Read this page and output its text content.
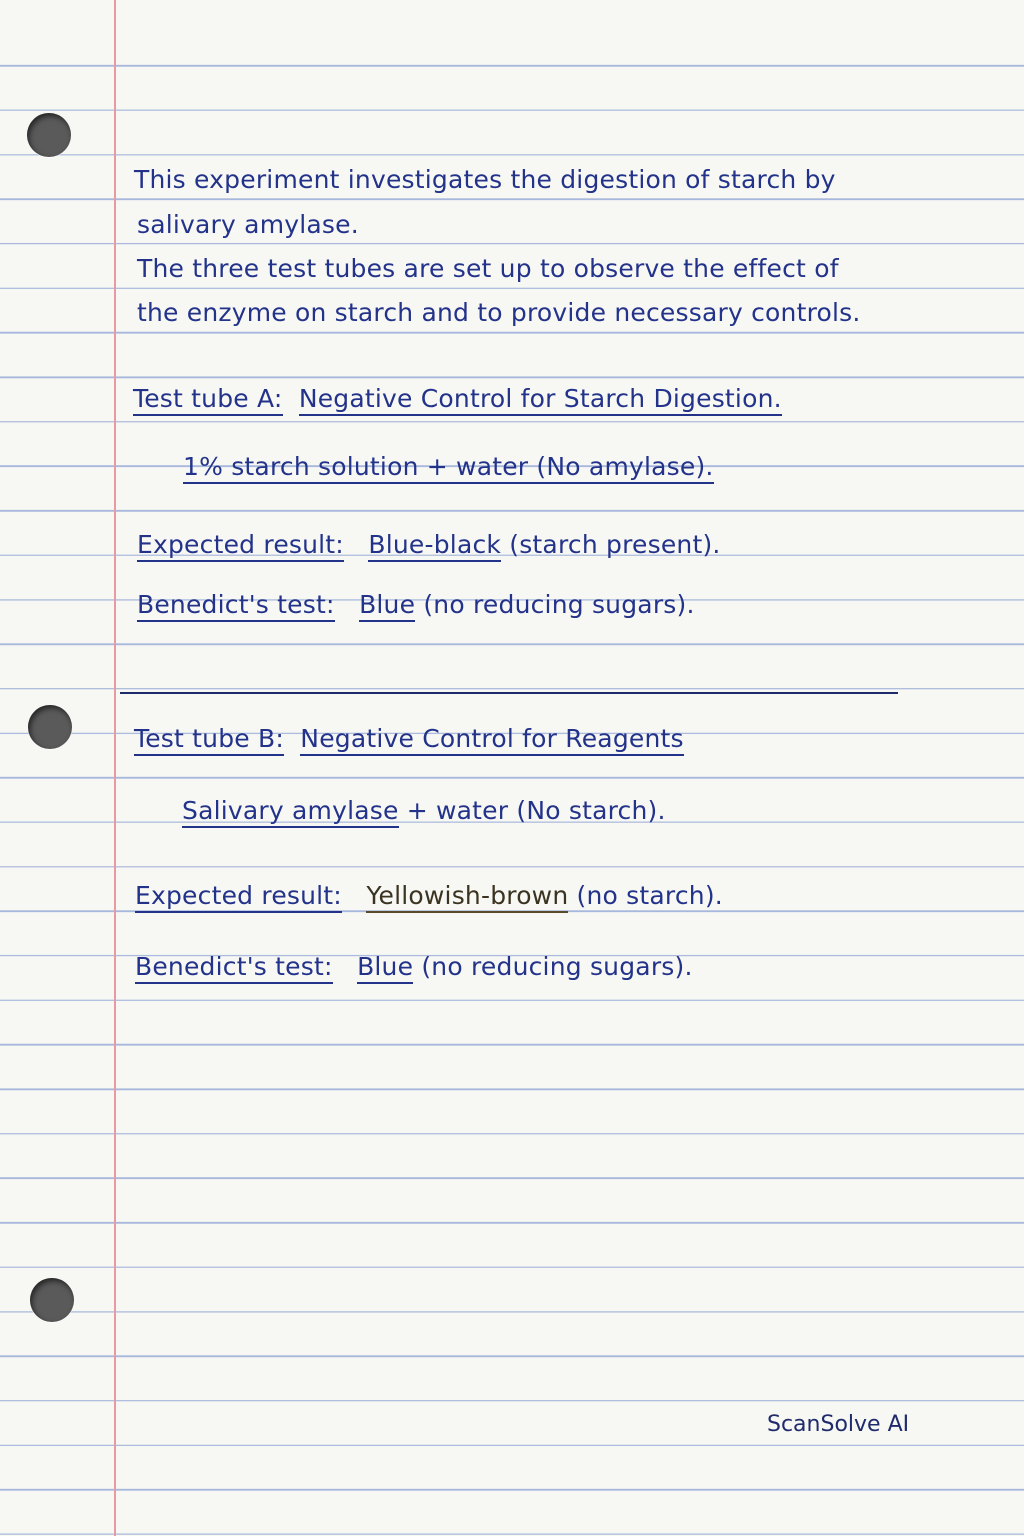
This experiment investigates the digestion of starch by
salivary amylase.
The three test tubes are set up to observe the effect of
the enzyme on starch and to provide necessary controls.
Test tube A: Negative Control for Starch Digestion.
1% starch solution + water (No amylase).
Expected result: Blue-black (starch present).
Benedict's test: Blue (no reducing sugars).
Test tube B: Negative Control for Reagents
Salivary amylase + water (No starch).
Expected result: Yellowish-brown (no starch).
Benedict's test: Blue (no reducing sugars).
ScanSolve AI
